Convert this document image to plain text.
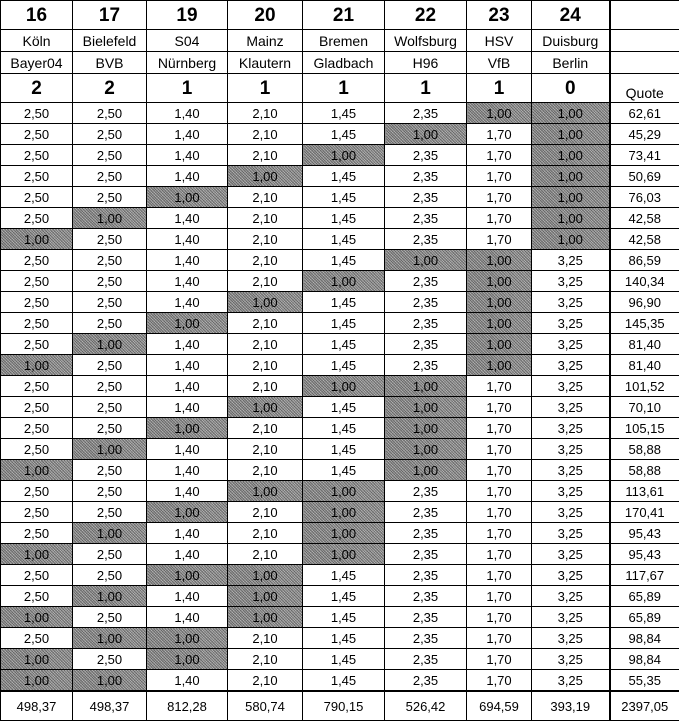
16	17	19	20	21	22	23	24	
Köln	Bielefeld	S04	Mainz	Bremen	Wolfsburg	HSV	Duisburg	
Bayer04	BVB	Nürnberg	Klautern	Gladbach	H96	VfB	Berlin	
2	2	1	1	1	1	1	0	Quote
2,50	2,50	1,40	2,10	1,45	2,35	1,00	1,00	62,61
2,50	2,50	1,40	2,10	1,45	1,00	1,70	1,00	45,29
2,50	2,50	1,40	2,10	1,00	2,35	1,70	1,00	73,41
2,50	2,50	1,40	1,00	1,45	2,35	1,70	1,00	50,69
2,50	2,50	1,00	2,10	1,45	2,35	1,70	1,00	76,03
2,50	1,00	1,40	2,10	1,45	2,35	1,70	1,00	42,58
1,00	2,50	1,40	2,10	1,45	2,35	1,70	1,00	42,58
2,50	2,50	1,40	2,10	1,45	1,00	1,00	3,25	86,59
2,50	2,50	1,40	2,10	1,00	2,35	1,00	3,25	140,34
2,50	2,50	1,40	1,00	1,45	2,35	1,00	3,25	96,90
2,50	2,50	1,00	2,10	1,45	2,35	1,00	3,25	145,35
2,50	1,00	1,40	2,10	1,45	2,35	1,00	3,25	81,40
1,00	2,50	1,40	2,10	1,45	2,35	1,00	3,25	81,40
2,50	2,50	1,40	2,10	1,00	1,00	1,70	3,25	101,52
2,50	2,50	1,40	1,00	1,45	1,00	1,70	3,25	70,10
2,50	2,50	1,00	2,10	1,45	1,00	1,70	3,25	105,15
2,50	1,00	1,40	2,10	1,45	1,00	1,70	3,25	58,88
1,00	2,50	1,40	2,10	1,45	1,00	1,70	3,25	58,88
2,50	2,50	1,40	1,00	1,00	2,35	1,70	3,25	113,61
2,50	2,50	1,00	2,10	1,00	2,35	1,70	3,25	170,41
2,50	1,00	1,40	2,10	1,00	2,35	1,70	3,25	95,43
1,00	2,50	1,40	2,10	1,00	2,35	1,70	3,25	95,43
2,50	2,50	1,00	1,00	1,45	2,35	1,70	3,25	117,67
2,50	1,00	1,40	1,00	1,45	2,35	1,70	3,25	65,89
1,00	2,50	1,40	1,00	1,45	2,35	1,70	3,25	65,89
2,50	1,00	1,00	2,10	1,45	2,35	1,70	3,25	98,84
1,00	2,50	1,00	2,10	1,45	2,35	1,70	3,25	98,84
1,00	1,00	1,40	2,10	1,45	2,35	1,70	3,25	55,35
498,37	498,37	812,28	580,74	790,15	526,42	694,59	393,19	2397,05
